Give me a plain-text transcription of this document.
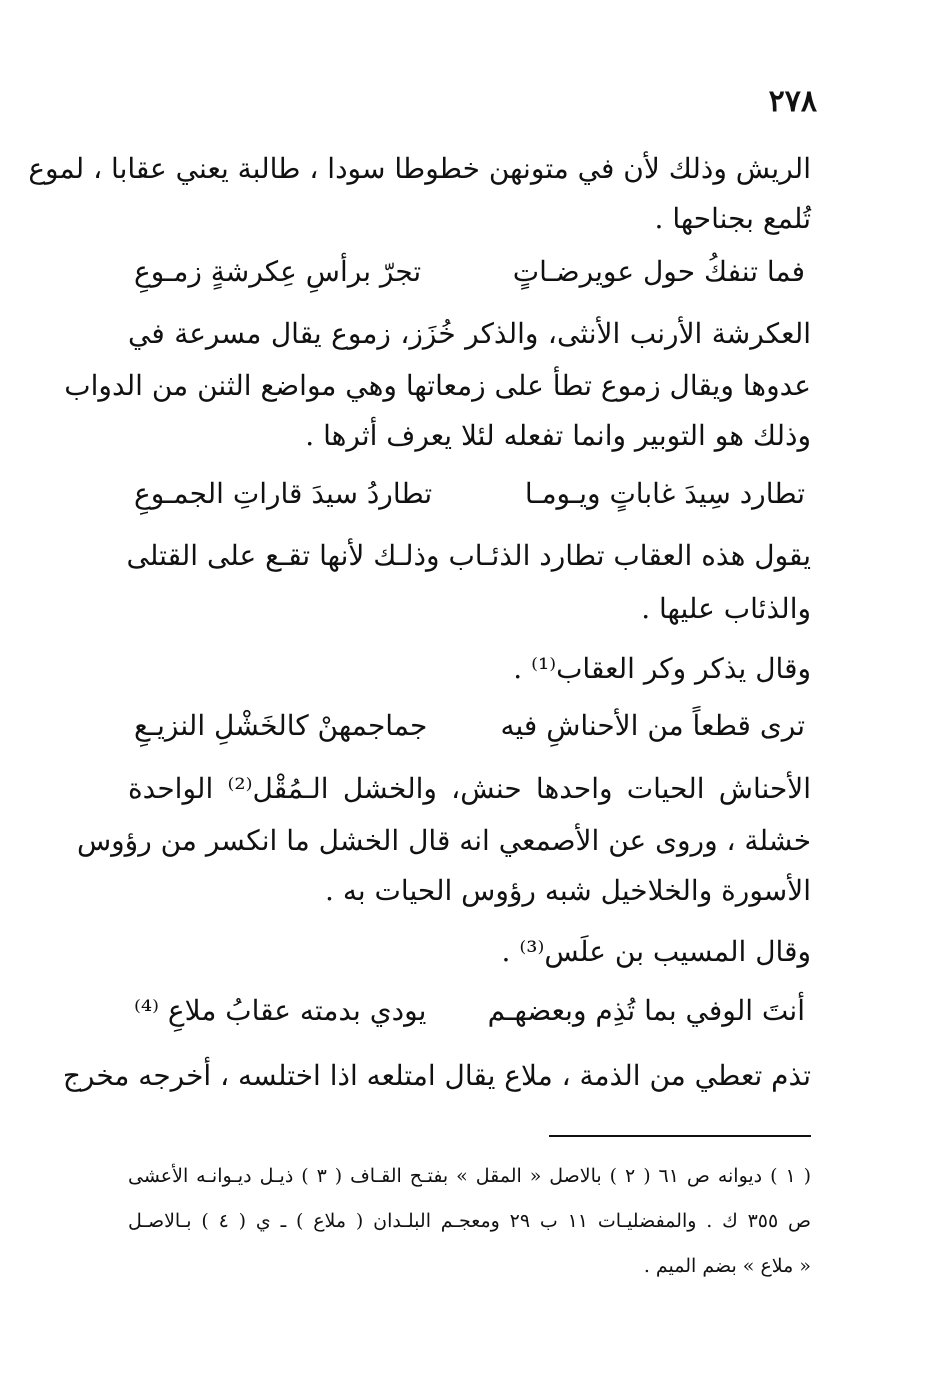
٢٧٨
الريش وذلك لأن في متونهن خطوطا سودا ، طالبة يعني عقابا ، لموع
تُلمع بجناحها .
فما تنفكُ حول عويرضـاتٍ
تجرّ برأسِ عِكرشةٍ زمـوعِ
العكرشة الأرنب الأنثى، والذكر خُزَز، زموع يقال مسرعة في
عدوها ويقال زموع تطأ على زمعاتها وهي مواضع الثنن من الدواب
وذلك هو التوبير وانما تفعله لئلا يعرف أثرها .
تطارد سِيدَ غاباتٍ ويـومـا
تطاردُ سيدَ قاراتِ الجمـوعِ
يقول هذه العقاب تطارد الذئـاب وذلـك لأنها تقـع على القتلى
والذئاب عليها .
وقال يذكر وكر العقاب⁽¹⁾ .
ترى قطعاً من الأحناشِ فيه
جماجمهنْ كالخَشْلِ النزيـعِ
الأحناش الحيات واحدها حنش، والخشل الـمُقْل⁽²⁾ الواحدة
خشلة ، وروى عن الأصمعي انه قال الخشل ما انكسر من رؤوس
الأسورة والخلاخيل شبه رؤوس الحيات به .
وقال المسيب بن علَس⁽³⁾ .
أنتَ الوفي بما تُذِم وبعضهـم
يودي بدمته عقابُ ملاعِ ⁽⁴⁾
تذم تعطي من الذمة ، ملاع يقال امتلعه اذا اختلسه ، أخرجه مخرج
( ١ ) ديوانه ص ٦١ ( ٢ ) بالاصل « المقل » بفتـح القـاف ( ٣ ) ذيـل ديـوانـه الأعشى
ص ٣٥٥ ك . والمفضليـات ١١ ب ٢٩ ومعجـم البلـدان ( ملاع ) ـ ي ( ٤ ) بـالاصـل
« ملاع » بضم الميم .
